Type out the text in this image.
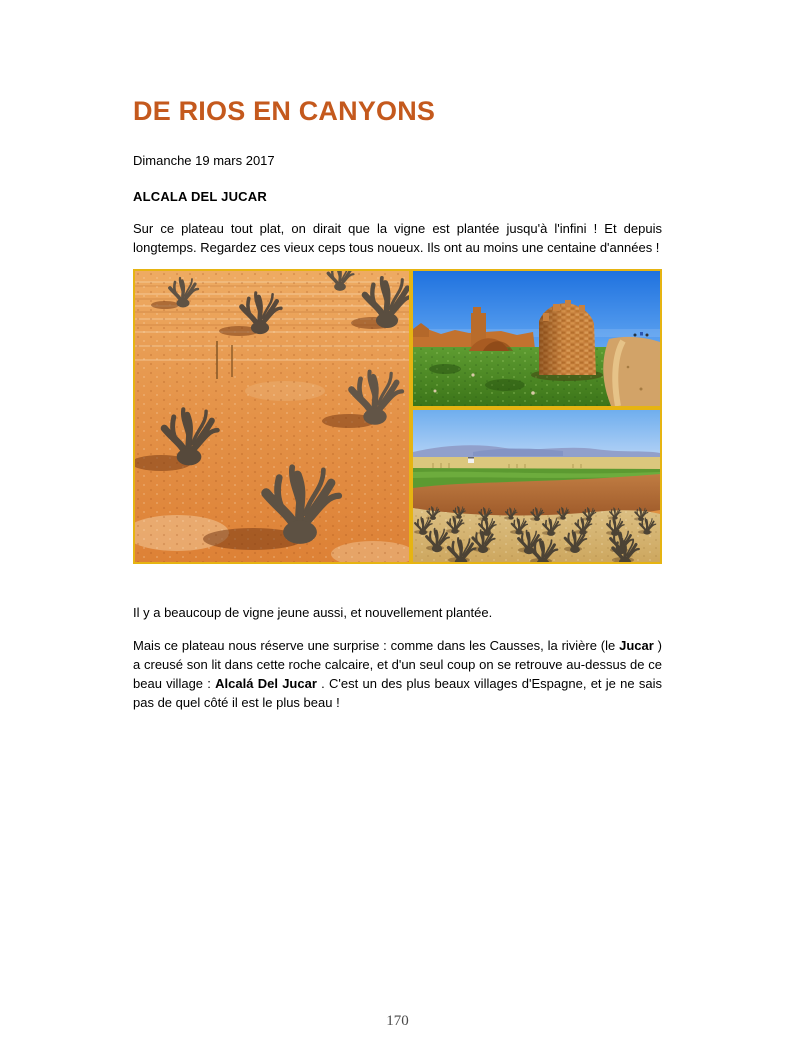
DE RIOS EN CANYONS

Dimanche 19 mars 2017

ALCALA DEL JUCAR

Sur ce plateau tout plat, on dirait que la vigne est plantée jusqu'à l'infini ! Et depuis longtemps. Regardez ces vieux ceps tous noueux. Ils ont au moins une centaine d'années !

Il y a beaucoup de vigne jeune aussi, et nouvellement plantée.

Mais ce plateau nous réserve une surprise : comme dans les Causses, la rivière (le Jucar ) a creusé son lit dans cette roche calcaire, et d'un seul coup on se retrouve au-dessus de ce beau village : Alcalá Del Jucar . C'est un des plus beaux villages d'Espagne, et je ne sais pas de quel côté il est le plus beau !

170
